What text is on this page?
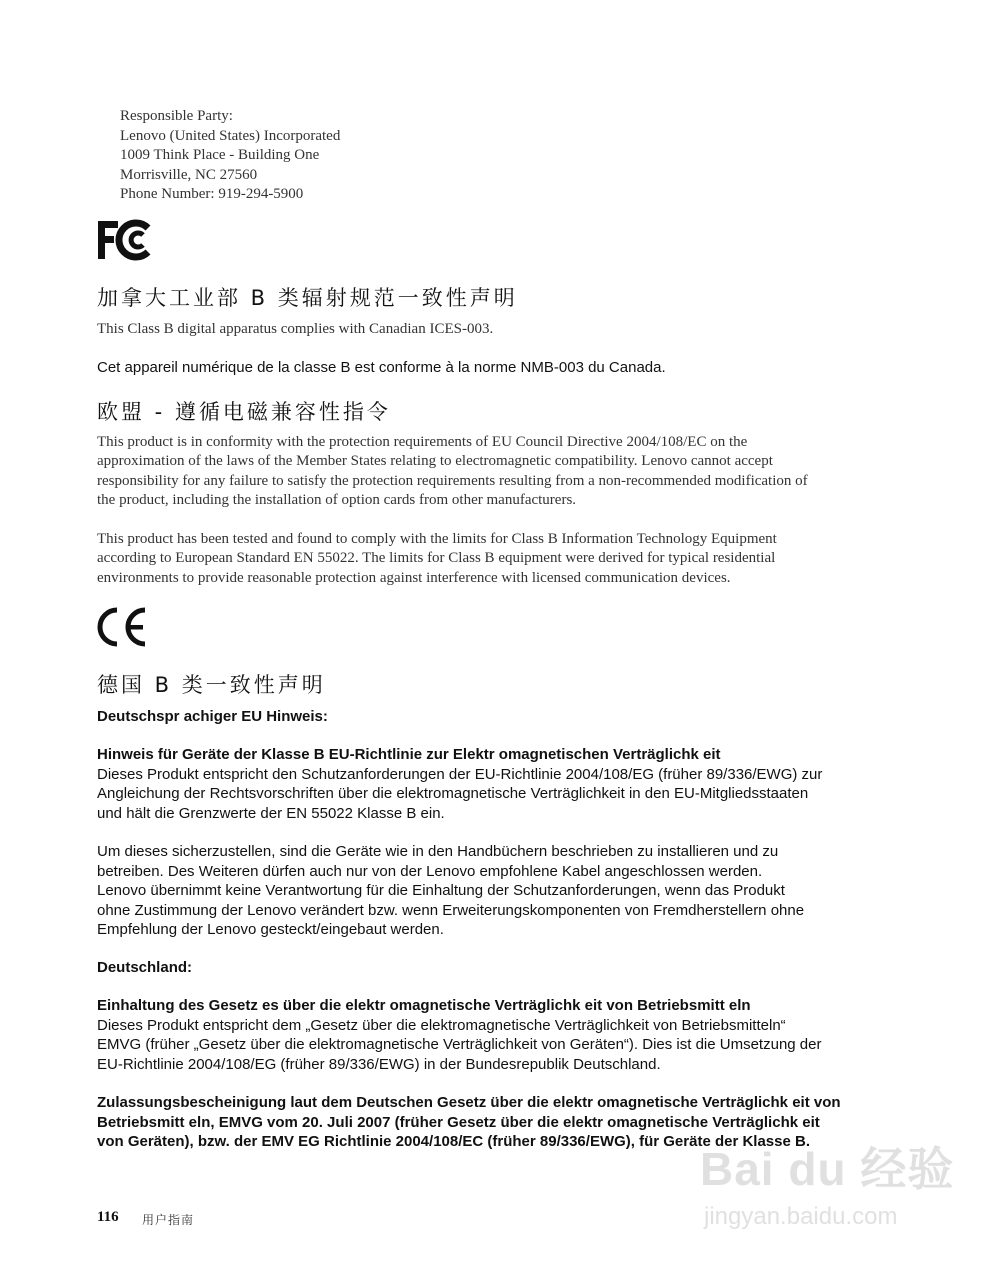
Responsible Party:
Lenovo (United States) Incorporated
1009 Think Place - Building One
Morrisville, NC 27560
Phone Number: 919-294-5900
加拿大工业部 B 类辐射规范一致性声明
This Class B digital apparatus complies with Canadian ICES-003.
Cet appareil numérique de la classe B est conforme à la norme NMB-003 du Canada.
欧盟 - 遵循电磁兼容性指令
This product is in conformity with the protection requirements of EU Council Directive 2004/108/EC on the
approximation of the laws of the Member States relating to electromagnetic compatibility. Lenovo cannot accept
responsibility for any failure to satisfy the protection requirements resulting from a non-recommended modification of
the product, including the installation of option cards from other manufacturers.
This product has been tested and found to comply with the limits for Class B Information Technology Equipment
according to European Standard EN 55022. The limits for Class B equipment were derived for typical residential
environments to provide reasonable protection against interference with licensed communication devices.
德国 B 类一致性声明
Deutschspr achiger EU Hinweis:
Hinweis für Geräte der Klasse B EU-Richtlinie zur Elektr omagnetischen Verträglichk eit
Dieses Produkt entspricht den Schutzanforderungen der EU-Richtlinie 2004/108/EG (früher 89/336/EWG) zur
Angleichung der Rechtsvorschriften über die elektromagnetische Verträglichkeit in den EU-Mitgliedsstaaten
und hält die Grenzwerte der EN 55022 Klasse B ein.
Um dieses sicherzustellen, sind die Geräte wie in den Handbüchern beschrieben zu installieren und zu
betreiben. Des Weiteren dürfen auch nur von der Lenovo empfohlene Kabel angeschlossen werden.
Lenovo übernimmt keine Verantwortung für die Einhaltung der Schutzanforderungen, wenn das Produkt
ohne Zustimmung der Lenovo verändert bzw. wenn Erweiterungskomponenten von Fremdherstellern ohne
Empfehlung der Lenovo gesteckt/eingebaut werden.
Deutschland:
Einhaltung des Gesetz es über die elektr omagnetische Verträglichk eit von Betriebsmitt eln
Dieses Produkt entspricht dem „Gesetz über die elektromagnetische Verträglichkeit von Betriebsmitteln“
EMVG (früher „Gesetz über die elektromagnetische Verträglichkeit von Geräten“). Dies ist die Umsetzung der
EU-Richtlinie 2004/108/EG (früher 89/336/EWG) in der Bundesrepublik Deutschland.
Zulassungsbescheinigung laut dem Deutschen Gesetz über die elektr omagnetische Verträglichk eit von
Betriebsmitt eln, EMVG vom 20. Juli 2007 (früher Gesetz über die elektr omagnetische Verträglichk eit
von Geräten), bzw. der EMV EG Richtlinie 2004/108/EC (früher 89/336/EWG), für Geräte der Klasse B.
116 用户指南
Bai du 经验
jingyan.baidu.com
